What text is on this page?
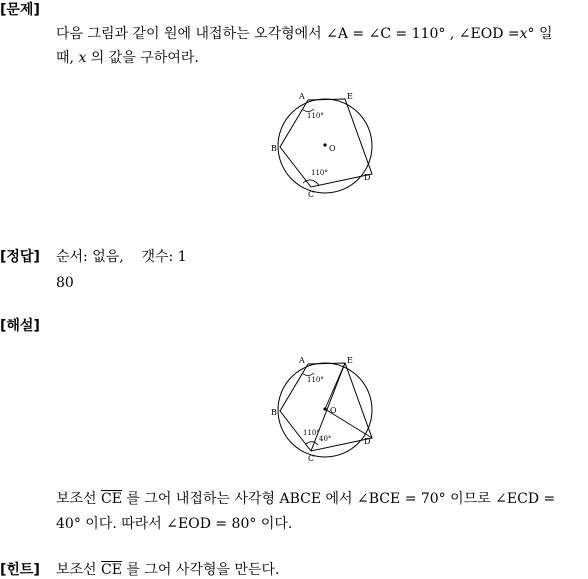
[문제]
다음 그림과 같이 원에 내접하는 오각형에서 ∠A = ∠C = 110° , ∠EOD =x° 일
때, x 의 값을 구하여라.
A	E
B	O
C
D
110°
110°
[정답] 순서: 없음,    갯수: 1
80
[해설]
A	E
B	O
C
D
110°
110°
40°
보조선 $\overline{CE}$ 를 그어 내접하는 사각형 ABCE 에서 ∠BCE = 70° 이므로 ∠ECD =
40° 이다. 따라서 ∠EOD = 80° 이다.
[힌트] 보조선 $\overline{CE}$ 를 그어 사각형을 만든다.
